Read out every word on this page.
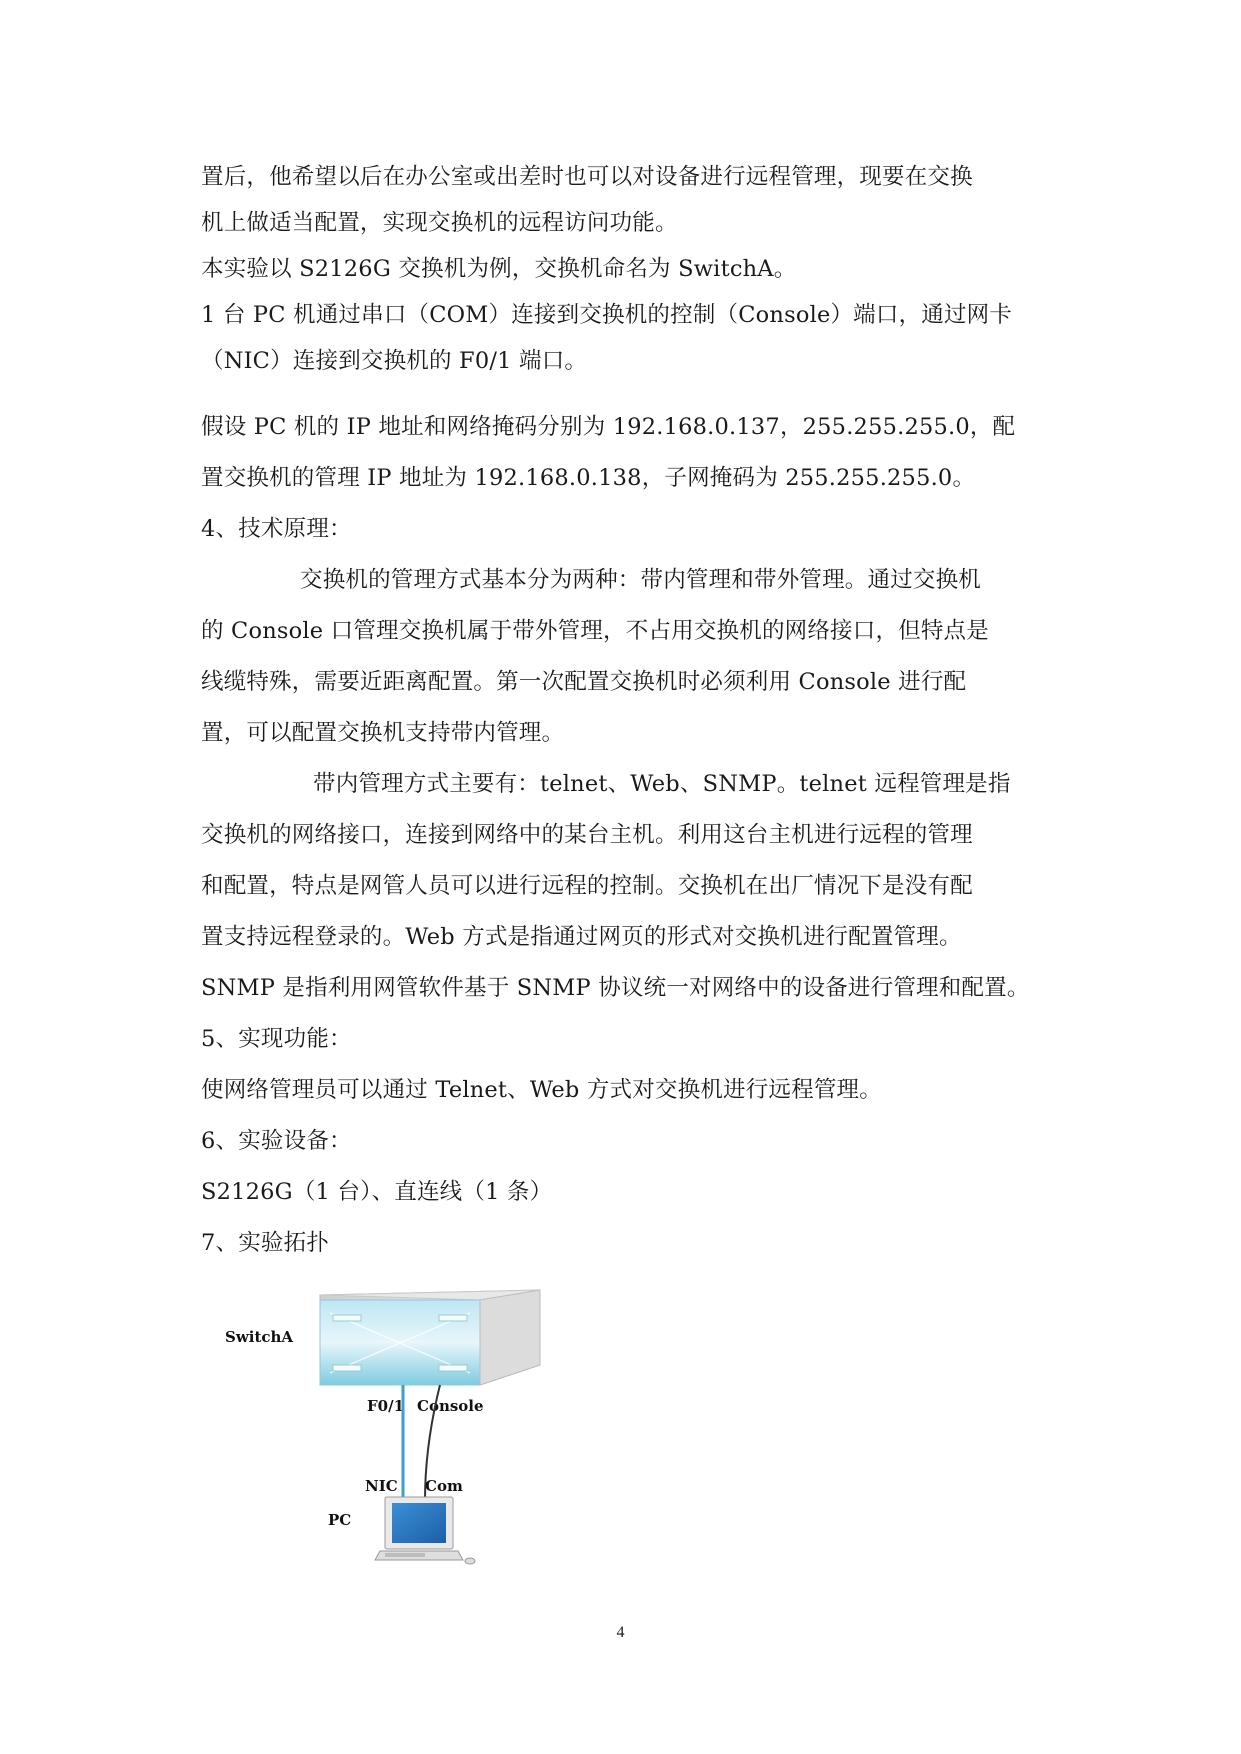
置后，他希望以后在办公室或出差时也可以对设备进行远程管理，现要在交换
机上做适当配置，实现交换机的远程访问功能。
本实验以 S2126G 交换机为例，交换机命名为 SwitchA。
1 台 PC 机通过串口（COM）连接到交换机的控制（Console）端口，通过网卡
（NIC）连接到交换机的 F0/1 端口。
假设 PC 机的 IP 地址和网络掩码分别为 192.168.0.137，255.255.255.0，配
置交换机的管理 IP 地址为 192.168.0.138，子网掩码为 255.255.255.0。
4、技术原理：
交换机的管理方式基本分为两种：带内管理和带外管理。通过交换机
的 Console 口管理交换机属于带外管理，不占用交换机的网络接口，但特点是
线缆特殊，需要近距离配置。第一次配置交换机时必须利用 Console 进行配
置，可以配置交换机支持带内管理。
带内管理方式主要有：telnet、Web、SNMP。telnet 远程管理是指
交换机的网络接口，连接到网络中的某台主机。利用这台主机进行远程的管理
和配置，特点是网管人员可以进行远程的控制。交换机在出厂情况下是没有配
置支持远程登录的。Web 方式是指通过网页的形式对交换机进行配置管理。
SNMP 是指利用网管软件基于 SNMP 协议统一对网络中的设备进行管理和配置。
5、实现功能：
使网络管理员可以通过 Telnet、Web 方式对交换机进行远程管理。
6、实验设备：
S2126G（1 台）、直连线（1 条）
7、实验拓扑
SwitchA
F0/1 Console
NIC Com
PC
4
